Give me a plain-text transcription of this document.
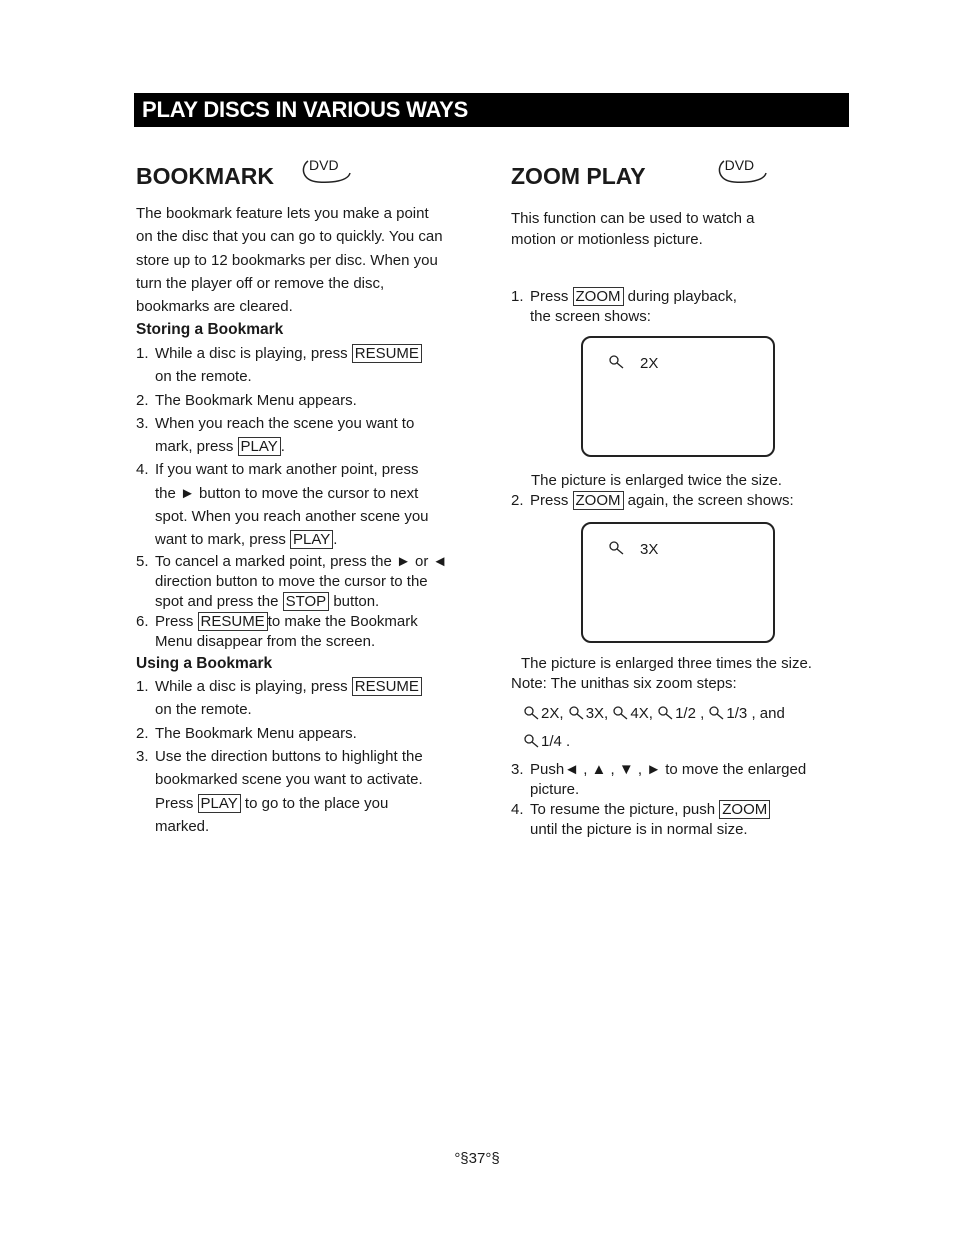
PLAY DISCS IN VARIOUS WAYS
BOOKMARK	DVD

The bookmark feature lets you make a point

on the disc that you can go to quickly. You can

store up to 12 bookmarks per disc. When you

turn the player off or remove the disc,

bookmarks are cleared.

Storing a Bookmark
1. While a disc is playing, press RESUME
on the remote.
2. The Bookmark Menu appears.
3. When you reach the scene you want to
mark, press PLAY .
4. If you want to mark another point, press
the ► button to move the cursor to next
spot. When you reach another scene you
want to mark, press PLAY .
5. To cancel a marked point, press the ► or ◄
direction button to move the cursor to the
spot and press the STOP button.
6. Press RESUME to make the Bookmark
Menu disappear from the screen.
Using a Bookmark
1. While a disc is playing, press RESUME
on the remote.
2. The Bookmark Menu appears.
3. Use the direction buttons to highlight the
bookmarked scene you want to activate.
Press PLAY to go to the place you
marked.
ZOOM PLAY	DVD

This function can be used to watch a

motion or motionless picture.

1. Press ZOOM during playback,
the screen shows:
2X

The picture is enlarged twice the size.

2. Press ZOOM again, the screen shows:
3X

The picture is enlarged three times the size.

Note: The unithas six zoom steps:

2X, 3X, 4X, 1/2 , 1/3 , and
1/4 .
3. Push◄ , ▲ , ▼ , ► to move the enlarged
picture.
4. To resume the picture, push ZOOM
until the picture is in normal size.
°§37°§
